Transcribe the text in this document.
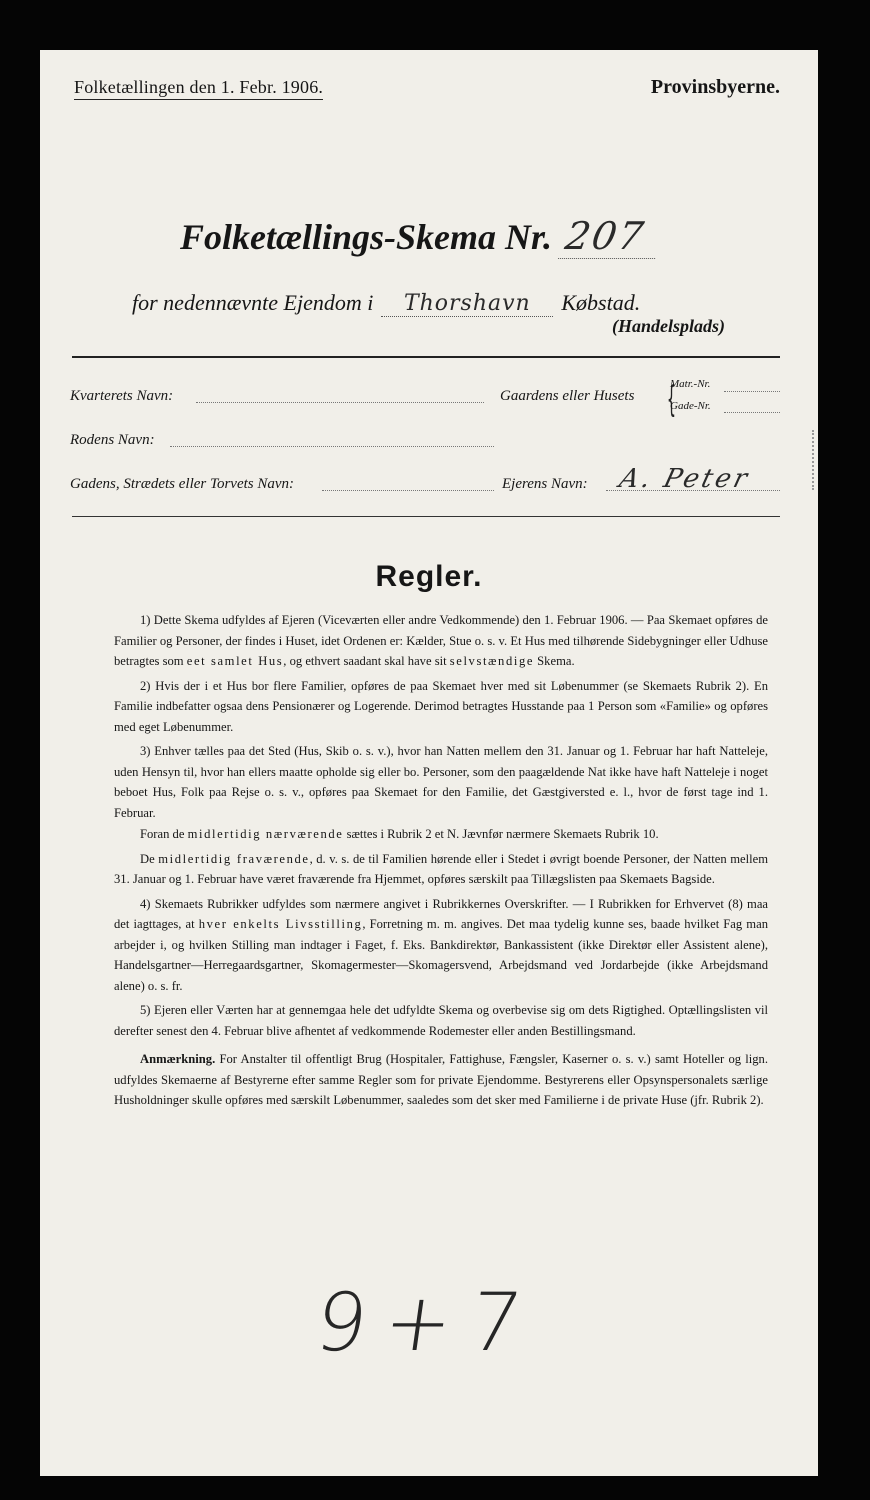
Folketællingen den 1. Febr. 1906.	Provinsbyerne.
Folketællings-Skema Nr. 207
for nedennævnte Ejendom i Thorshavn Købstad.
(Handelsplads)
Kvarterets Navn:	Gaardens eller Husets {
Matr.-Nr.
Gade-Nr.
Rodens Navn:
Gadens, Strædets eller Torvets Navn:	Ejerens Navn: A. Peter
Regler.

1) Dette Skema udfyldes af Ejeren (Viceværten eller andre Vedkommende) den 1. Februar 1906. — Paa Skemaet opføres de Familier og Personer, der findes i Huset, idet Ordenen er: Kælder, Stue o. s. v. Et Hus med tilhørende Sidebygninger eller Udhuse betragtes som eet samlet Hus, og ethvert saadant skal have sit selvstændige Skema.

2) Hvis der i et Hus bor flere Familier, opføres de paa Skemaet hver med sit Løbenummer (se Skemaets Rubrik 2). En Familie indbefatter ogsaa dens Pensionærer og Logerende. Derimod betragtes Husstande paa 1 Person som «Familie» og opføres med eget Løbenummer.

3) Enhver tælles paa det Sted (Hus, Skib o. s. v.), hvor han Natten mellem den 31. Januar og 1. Februar har haft Natteleje, uden Hensyn til, hvor han ellers maatte opholde sig eller bo. Personer, som den paagældende Nat ikke have haft Natteleje i noget beboet Hus, Folk paa Rejse o. s. v., opføres paa Skemaet for den Familie, det Gæstgiversted e. l., hvor de først tage ind 1. Februar.

Foran de midlertidig nærværende sættes i Rubrik 2 et N. Jævnfør nærmere Skemaets Rubrik 10.

De midlertidig fraværende, d. v. s. de til Familien hørende eller i Stedet i øvrigt boende Personer, der Natten mellem 31. Januar og 1. Februar have været fraværende fra Hjemmet, opføres særskilt paa Tillægslisten paa Skemaets Bagside.

4) Skemaets Rubrikker udfyldes som nærmere angivet i Rubrikkernes Overskrifter. — I Rubrikken for Erhvervet (8) maa det iagttages, at hver enkelts Livsstilling, Forretning m. m. angives. Det maa tydelig kunne ses, baade hvilket Fag man arbejder i, og hvilken Stilling man indtager i Faget, f. Eks. Bankdirektør, Bankassistent (ikke Direktør eller Assistent alene), Handelsgartner—Herregaardsgartner, Skomagermester—Skomagersvend, Arbejdsmand ved Jordarbejde (ikke Arbejdsmand alene) o. s. fr.

5) Ejeren eller Værten har at gennemgaa hele det udfyldte Skema og overbevise sig om dets Rigtighed. Optællingslisten vil derefter senest den 4. Februar blive afhentet af vedkommende Rodemester eller anden Bestillingsmand.

Anmærkning. For Anstalter til offentligt Brug (Hospitaler, Fattighuse, Fængsler, Kaserner o. s. v.) samt Hoteller og lign. udfyldes Skemaerne af Bestyrerne efter samme Regler som for private Ejendomme. Bestyrerens eller Opsynspersonalets særlige Husholdninger skulle opføres med særskilt Løbenummer, saaledes som det sker med Familierne i de private Huse (jfr. Rubrik 2).

9+7
